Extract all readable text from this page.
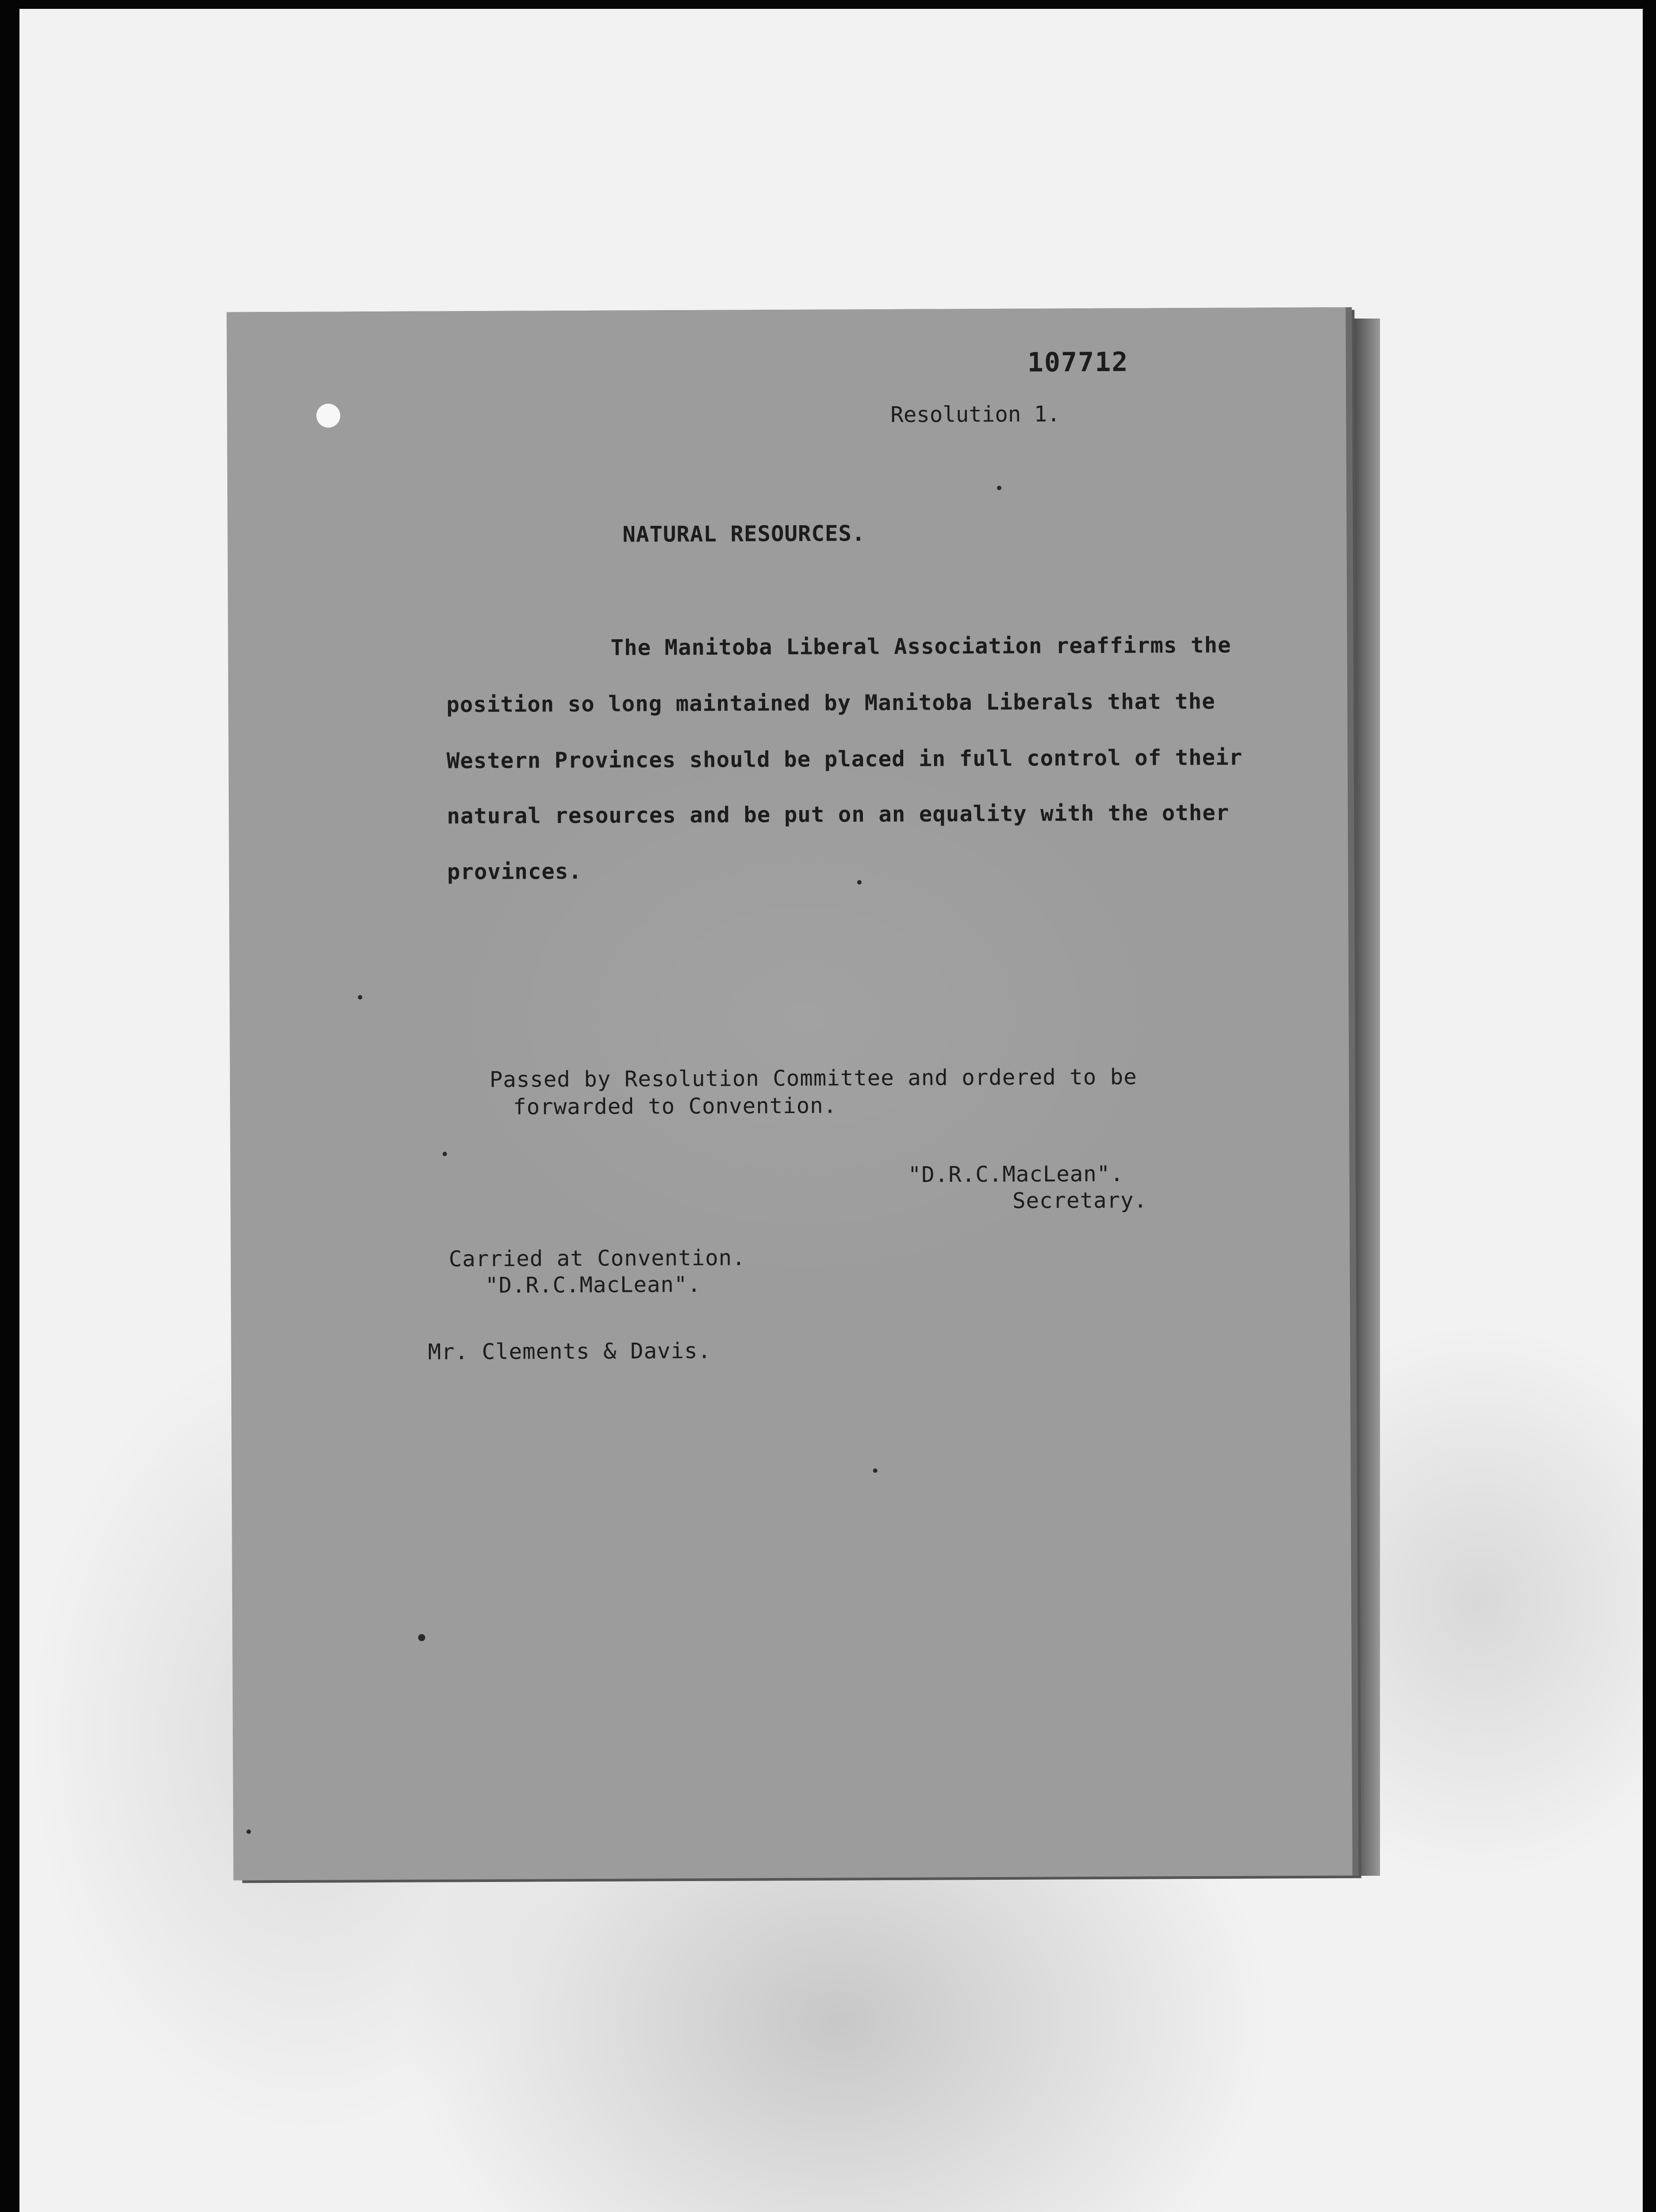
107712

Resolution 1.

NATURAL RESOURCES.

The Manitoba Liberal Association reaffirms the

position so long maintained by Manitoba Liberals that the

Western Provinces should be placed in full control of their

natural resources and be put on an equality with the other

provinces.

Passed by Resolution Committee and ordered to be

forwarded to Convention.

"D.R.C.MacLean".

Secretary.

Carried at Convention.

"D.R.C.MacLean".

Mr. Clements & Davis.
